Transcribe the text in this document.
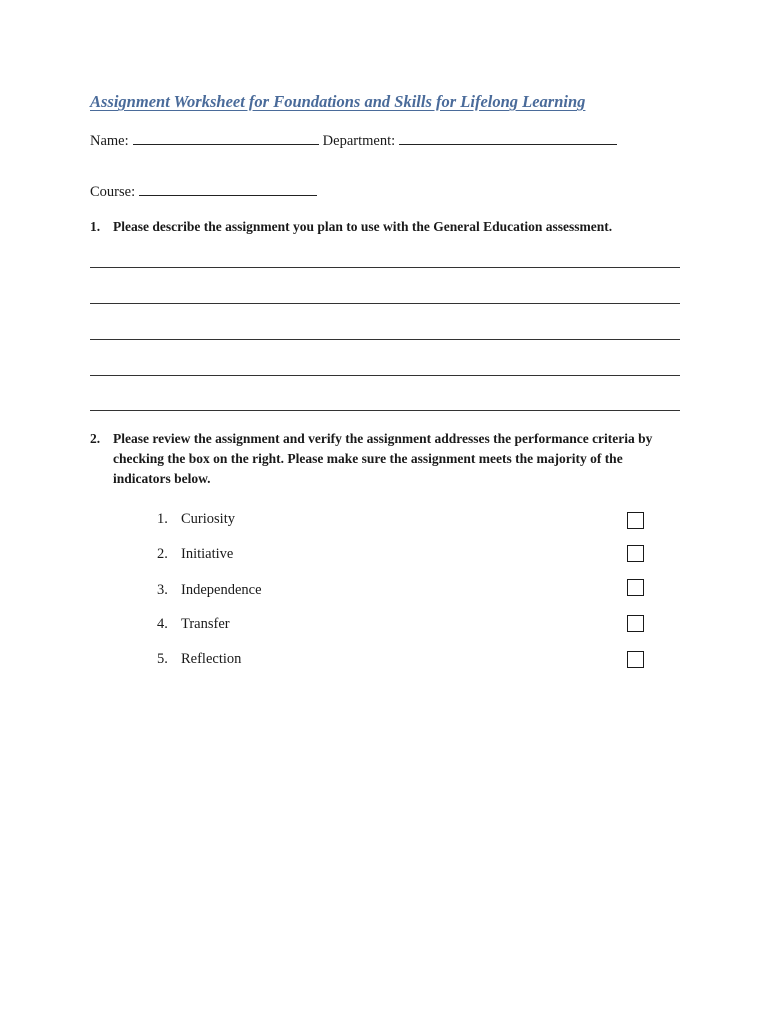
Assignment Worksheet for Foundations and Skills for Lifelong Learning
Name:	Department:
Course:
1. Please describe the assignment you plan to use with the General Education assessment.
2. Please review the assignment and verify the assignment addresses the performance criteria by checking the box on the right. Please make sure the assignment meets the majority of the indicators below.
1. Curiosity
2. Initiative
3. Independence
4. Transfer
5. Reflection
